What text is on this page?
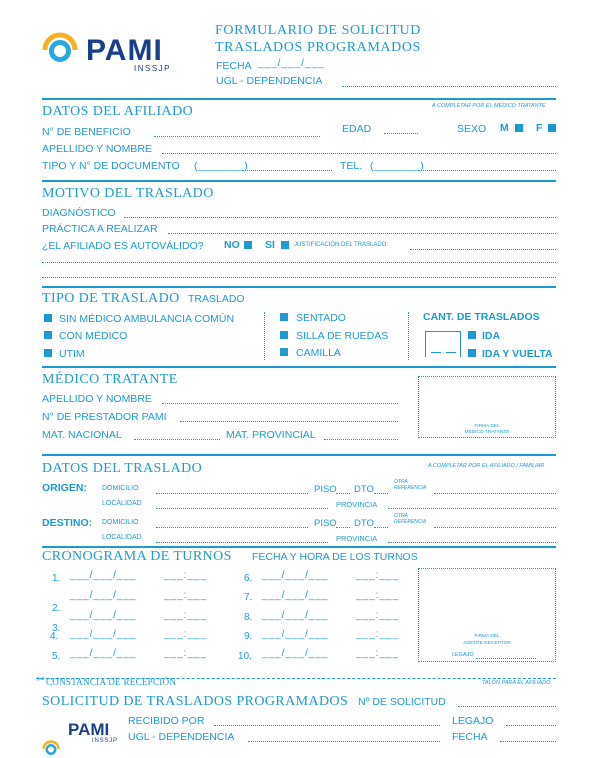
PAMI
INSSJP
FORMULARIO DE SOLICITUD
TRASLADOS PROGRAMADOS
FECHA ___/___/___
UGL - DEPENDENCIA
DATOS DEL AFILIADO	A COMPLETAR POR EL MÉDICO TRATANTE
N° DE BENEFICIO	EDAD	SEXO M	F
APELLIDO Y NOMBRE
TIPO Y N° DE DOCUMENTO (________)	TEL. (________)
MOTIVO DEL TRASLADO
DIAGNÓSTICO
PRÁCTICA A REALIZAR
¿EL AFILIADO ES AUTOVÁLIDO? NO SI	JUSTIFICACIÓN DEL TRASLADO:
TIPO DE TRASLADO TRASLADO
SIN MÉDICO AMBULANCIA COMÚN
CON MÉDICO
UTIM
SENTADO
SILLA DE RUEDAS
CAMILLA
CANT. DE TRASLADOS
IDA
IDA Y VUELTA
MÉDICO TRATANTE
APELLIDO Y NOMBRE
N° DE PRESTADOR PAMI
MAT. NACIONAL	MAT. PROVINCIAL
FIRMA DEL
MÉDICO TRATANTE
DATOS DEL TRASLADO	A COMPLETAR POR EL AFILIADO / FAMILIAR
ORIGEN: DOMICILIO	PISO DTO
OTRA
REFERENCIA
LOCALIDAD	PROVINCIA
DESTINO: DOMICILIO	PISO DTO
OTRA
REFERENCIA
LOCALIDAD	PROVINCIA
CRONOGRAMA DE TURNOS FECHA Y HORA DE LOS TURNOS
1. ___/___/___	___:___
2.
___/___/___	___:___
3.
___/___/___	___:___
4. ___/___/___	___:___
5. ___/___/___	___:___
6. ___/___/___	___:___
7. ___/___/___	___:___
8. ___/___/___	___:___
9. ___/___/___	___:___
10. ___/___/___	___:___
FIRMA DEL
AGENTE RECEPTOR
LEGAJO
✂ CONSTANCIA DE RECEPCIÓN	TALÓN PARA EL AFILIADO
SOLICITUD DE TRASLADOS PROGRAMADOS Nº DE SOLICITUD
PAMI
INSSJP
RECIBIDO POR	LEGAJO
UGL - DEPENDENCIA	FECHA
